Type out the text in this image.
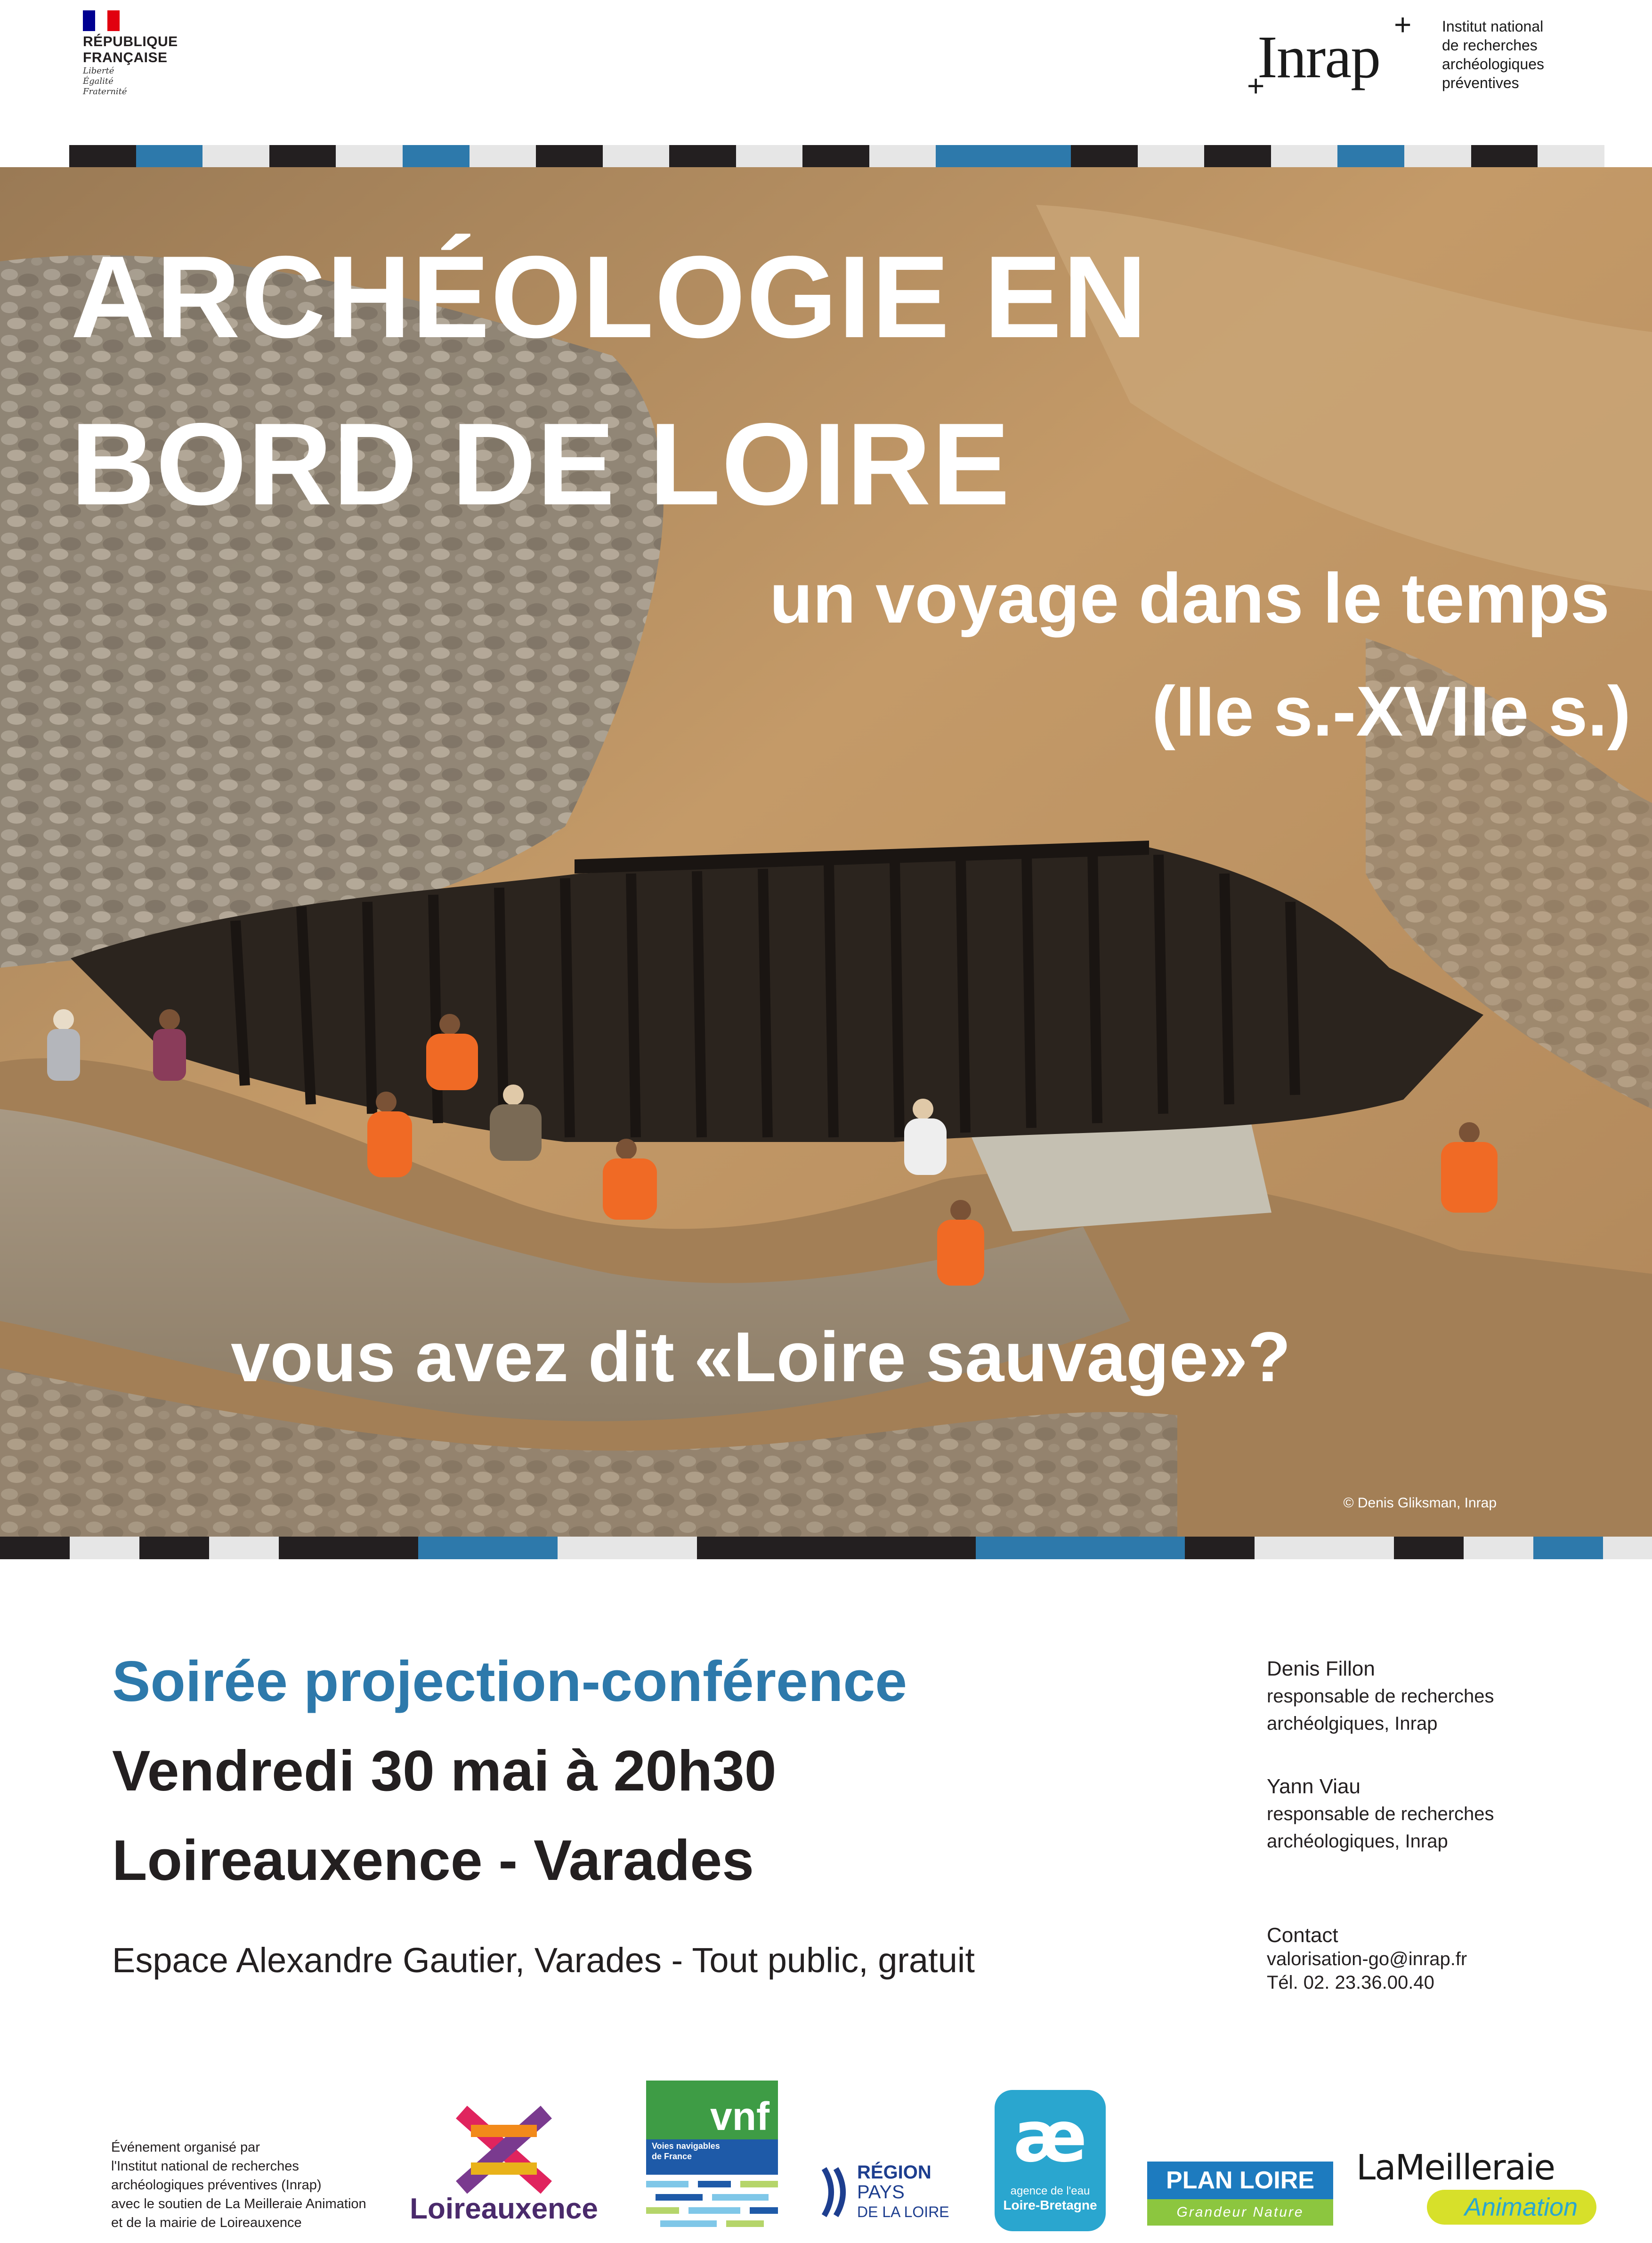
RÉPUBLIQUE
FRANÇAISE
Liberté
Égalité
Fraternité
Inrap +
+
Institut national
de recherches
archéologiques
préventives
ARCHÉOLOGIE EN
BORD DE LOIRE
un voyage dans le temps
(IIe s.-XVIIe s.)
vous avez dit «Loire sauvage»?
© Denis Gliksman, Inrap
Soirée projection-conférence
Vendredi 30 mai à 20h30
Loireauxence - Varades
Espace Alexandre Gautier, Varades - Tout public, gratuit
Denis Fillon
responsable de recherches
archéolgiques, Inrap
Yann Viau
responsable de recherches
archéologiques, Inrap
Contact
valorisation-go@inrap.fr
Tél. 02. 23.36.00.40
Événement organisé par
l'Institut national de recherches
archéologiques préventives (Inrap)
avec le soutien de La Meilleraie Animation
et de la mairie de Loireauxence	Loireauxence
vnf
Voies navigables
de France
RÉGION
PAYS
DE LA LOIRE
æ
agence de l'eau
Loire-Bretagne
PLAN LOIRE
Grandeur Nature
LaMeilleraie
Animation
